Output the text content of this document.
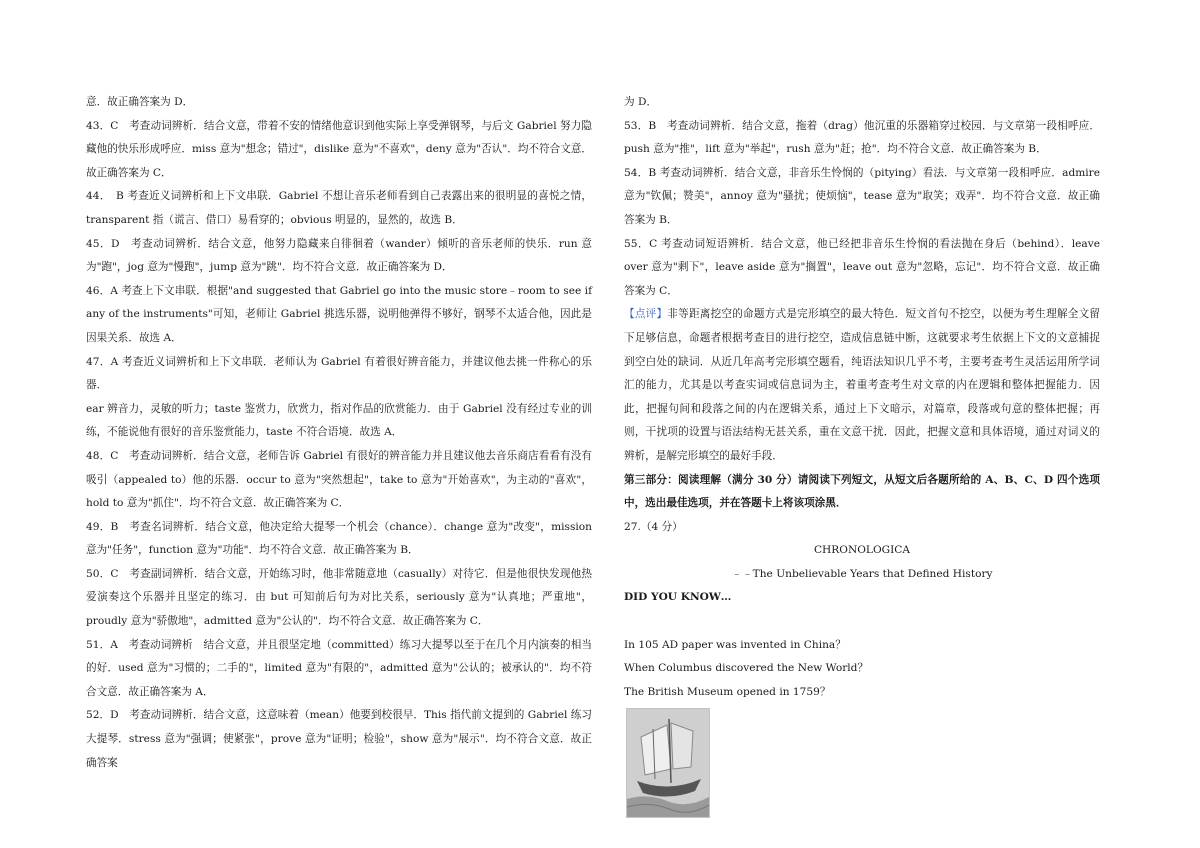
意．故正确答案为 D．

43．C　考查动词辨析．结合文意，带着不安的情绪他意识到他实际上享受弹钢琴，与后文 Gabriel 努力隐藏他的快乐形成呼应．miss 意为"想念；错过"，dislike 意为"不喜欢"，deny 意为"否认"．均不符合文意．故正确答案为 C．

44．　B 考查近义词辨析和上下文串联．Gabriel 不想让音乐老师看到自己表露出来的很明显的喜悦之情，transparent 指（谎言、借口）易看穿的；obvious 明显的，显然的，故选 B．

45．D　考查动词辨析．结合文意，他努力隐藏来自徘徊着（wander）倾听的音乐老师的快乐．run 意为"跑"，jog 意为"慢跑"，jump 意为"跳"．均不符合文意．故正确答案为 D．

46．A 考查上下文串联．根据"and suggested that Gabriel go into the music store﹣room to see if any of the instruments"可知，老师让 Gabriel 挑选乐器，说明他弹得不够好，钢琴不太适合他，因此是因果关系．故选 A．

47．A 考查近义词辨析和上下文串联．老师认为 Gabriel 有着很好辨音能力，并建议他去挑一件称心的乐器．

ear 辨音力，灵敏的听力；taste 鉴赏力，欣赏力，指对作品的欣赏能力．由于 Gabriel 没有经过专业的训练，不能说他有很好的音乐鉴赏能力，taste 不符合语境．故选 A．

48．C　考查动词辨析．结合文意，老师告诉 Gabriel 有很好的辨音能力并且建议他去音乐商店看看有没有吸引（appealed to）他的乐器．occur to 意为"突然想起"，take to 意为"开始喜欢"，为主动的"喜欢"，hold to 意为"抓住"．均不符合文意．故正确答案为 C．

49．B　考查名词辨析．结合文意，他决定给大提琴一个机会（chance）．change 意为"改变"，mission 意为"任务"，function 意为"功能"．均不符合文意．故正确答案为 B．

50．C　考查副词辨析．结合文意，开始练习时，他非常随意地（casually）对待它．但是他很快发现他热爱演奏这个乐器并且坚定的练习．由 but 可知前后句为对比关系，seriously 意为"认真地；严重地"，proudly 意为"骄傲地"，admitted 意为"公认的"．均不符合文意．故正确答案为 C．

51．A　考查动词辨析　结合文意，并且很坚定地（committed）练习大提琴以至于在几个月内演奏的相当的好．used 意为"习惯的；二手的"，limited 意为"有限的"，admitted 意为"公认的；被承认的"．均不符合文意．故正确答案为 A．

52．D　考查动词辨析．结合文意，这意味着（mean）他要到校很早．This 指代前文提到的 Gabriel 练习大提琴．stress 意为"强调；使紧张"，prove 意为"证明；检验"，show 意为"展示"．均不符合文意．故正确答案

为 D．

53．B　考查动词辨析．结合文意，拖着（drag）他沉重的乐器箱穿过校园．与文章第一段相呼应．push 意为"推"，lift 意为"举起"，rush 意为"赶；抢"．均不符合文意．故正确答案为 B．

54．B 考查动词辨析．结合文意，非音乐生怜悯的（pitying）看法．与文章第一段相呼应．admire 意为"钦佩；赞美"，annoy 意为"骚扰；使烦恼"，tease 意为"取笑；戏弄"．均不符合文意．故正确答案为 B．

55．C 考查动词短语辨析．结合文意，他已经把非音乐生怜悯的看法抛在身后（behind）．leave over 意为"剩下"，leave aside 意为"搁置"，leave out 意为"忽略，忘记"．均不符合文意．故正确答案为 C．

【点评】非等距离挖空的命题方式是完形填空的最大特色．短文首句不挖空，以便为考生理解全文留下足够信息，命题者根据考查目的进行挖空，造成信息链中断，这就要求考生依据上下文的文意捕捉到空白处的缺词．从近几年高考完形填空题看，纯语法知识几乎不考，主要考查考生灵活运用所学词汇的能力，尤其是以考查实词或信息词为主，着重考查考生对文章的内在逻辑和整体把握能力．因此，把握句间和段落之间的内在逻辑关系，通过上下文暗示，对篇章，段落或句意的整体把握；再则，干扰项的设置与语法结构无甚关系，重在文意干扰．因此，把握文意和具体语境，通过对词义的辨析，是解完形填空的最好手段．

第三部分：阅读理解（满分 30 分）请阅读下列短文，从短文后各题所给的 A、B、C、D 四个选项中，选出最佳选项，并在答题卡上将该项涂黑．

27.（4 分）

CHRONOLOGICA

﹣﹣The Unbelievable Years that Defined History

DID YOU KNOW…

In 105 AD paper was invented in China？

When Columbus discovered the New World？

The British Museum opened in 1759？
